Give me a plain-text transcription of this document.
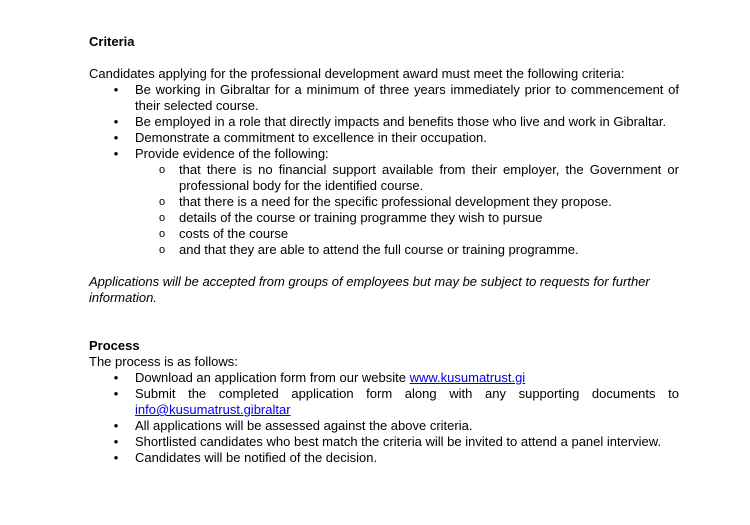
Criteria

Candidates applying for the professional development award must meet the following criteria:

• Be working in Gibraltar for a minimum of three years immediately prior to commencement of their selected course.
• Be employed in a role that directly impacts and benefits those who live and work in Gibraltar.
• Demonstrate a commitment to excellence in their occupation.
• Provide evidence of the following:
o that there is no financial support available from their employer, the Government or professional body for the identified course.
o that there is a need for the specific professional development they propose.
o details of the course or training programme they wish to pursue
o costs of the course
o and that they are able to attend the full course or training programme.

Applications will be accepted from groups of employees but may be subject to requests for further information.

Process

The process is as follows:

• Download an application form from our website www.kusumatrust.gi
• Submit the completed application form along with any supporting documents to info@kusumatrust.gibraltar
• All applications will be assessed against the above criteria.
• Shortlisted candidates who best match the criteria will be invited to attend a panel interview.
• Candidates will be notified of the decision.
